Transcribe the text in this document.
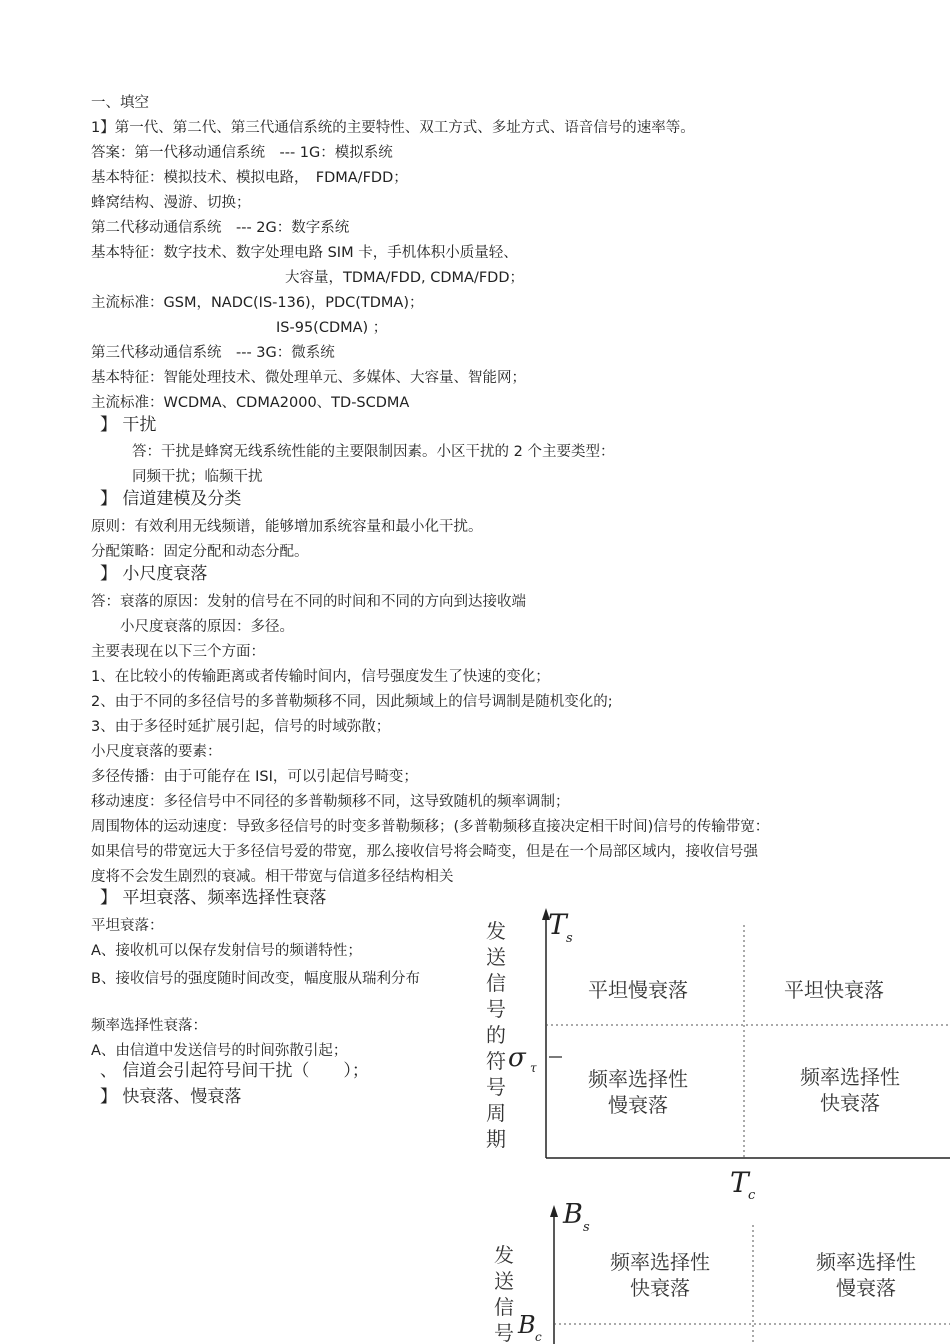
一、填空
1】第一代、第二代、第三代通信系统的主要特性、双工方式、多址方式、语音信号的速率等。
答案：第一代移动通信系统　--- 1G：模拟系统
基本特征：模拟技术、模拟电路，　FDMA/FDD；
蜂窝结构、漫游、切换；
第二代移动通信系统　--- 2G：数字系统
基本特征：数字技术、数字处理电路 SIM 卡，手机体积小质量轻、
大容量，TDMA/FDD, CDMA/FDD；
主流标准：GSM，NADC(IS-136)，PDC(TDMA)；
IS-95(CDMA) ；
第三代移动通信系统　--- 3G：微系统
基本特征：智能处理技术、微处理单元、多媒体、大容量、智能网；
主流标准：WCDMA、CDMA2000、TD-SCDMA
】 干扰
答：干扰是蜂窝无线系统性能的主要限制因素。小区干扰的 2 个主要类型：
同频干扰；临频干扰
】 信道建模及分类
原则：有效利用无线频谱，能够增加系统容量和最小化干扰。
分配策略：固定分配和动态分配。
】 小尺度衰落
答：衰落的原因：发射的信号在不同的时间和不同的方向到达接收端
小尺度衰落的原因：多径。
主要表现在以下三个方面：
1、在比较小的传输距离或者传输时间内，信号强度发生了快速的变化；
2、由于不同的多径信号的多普勒频移不同，因此频域上的信号调制是随机变化的;
3、由于多径时延扩展引起，信号的时域弥散；
小尺度衰落的要素：
多径传播：由于可能存在 ISI，可以引起信号畸变；
移动速度：多径信号中不同径的多普勒频移不同，这导致随机的频率调制；
周围物体的运动速度：导致多径信号的时变多普勒频移；(多普勒频移直接决定相干时间)信号的传输带宽：
如果信号的带宽远大于多径信号爱的带宽，那么接收信号将会畸变，但是在一个局部区域内，接收信号强
度将不会发生剧烈的衰减。相干带宽与信道多径结构相关
】 平坦衰落、频率选择性衰落
平坦衰落：
A、接收机可以保存发射信号的频谱特性；
B、接收信号的强度随时间改变，幅度服从瑞利分布
频率选择性衰落：
A、由信道中发送信号的时间弥散引起；
、 信道会引起符号间干扰（　　）；
】 快衰落、慢衰落
发
送
信
号
的
符
号
周
期
T s
σ τ
T c
平坦慢衰落	平坦快衰落
频率选择性
慢衰落
频率选择性
快衰落
发
送
信
号
B s
B c
频率选择性
快衰落
频率选择性
慢衰落
